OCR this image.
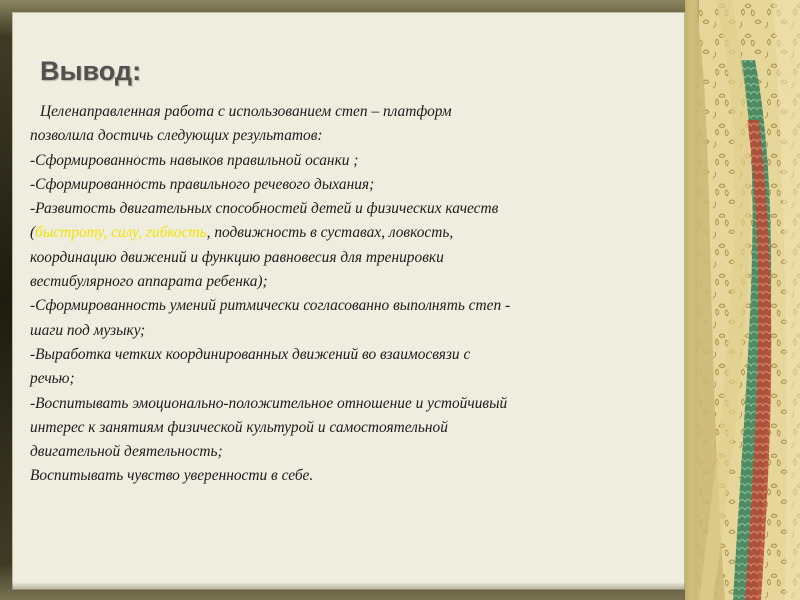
Вывод:
Целенаправленная работа с использованием степ – платформ
позволила достичь следующих результатов:
-Сформированность навыков правильной осанки ;
-Сформированность правильного речевого дыхания;
-Развитость двигательных способностей детей и физических качеств
(быстроту, силу, гибкость, подвижность в суставах, ловкость,
координацию движений и функцию равновесия для тренировки
вестибулярного аппарата ребенка);
-Сформированность умений ритмически согласованно выполнять степ -
шаги под музыку;
-Выработка четких координированных движений во взаимосвязи с
речью;
-Воспитывать эмоционально-положительное отношение и устойчивый
интерес к занятиям физической культурой и самостоятельной
двигательной деятельность;
Воспитывать чувство уверенности в себе.
